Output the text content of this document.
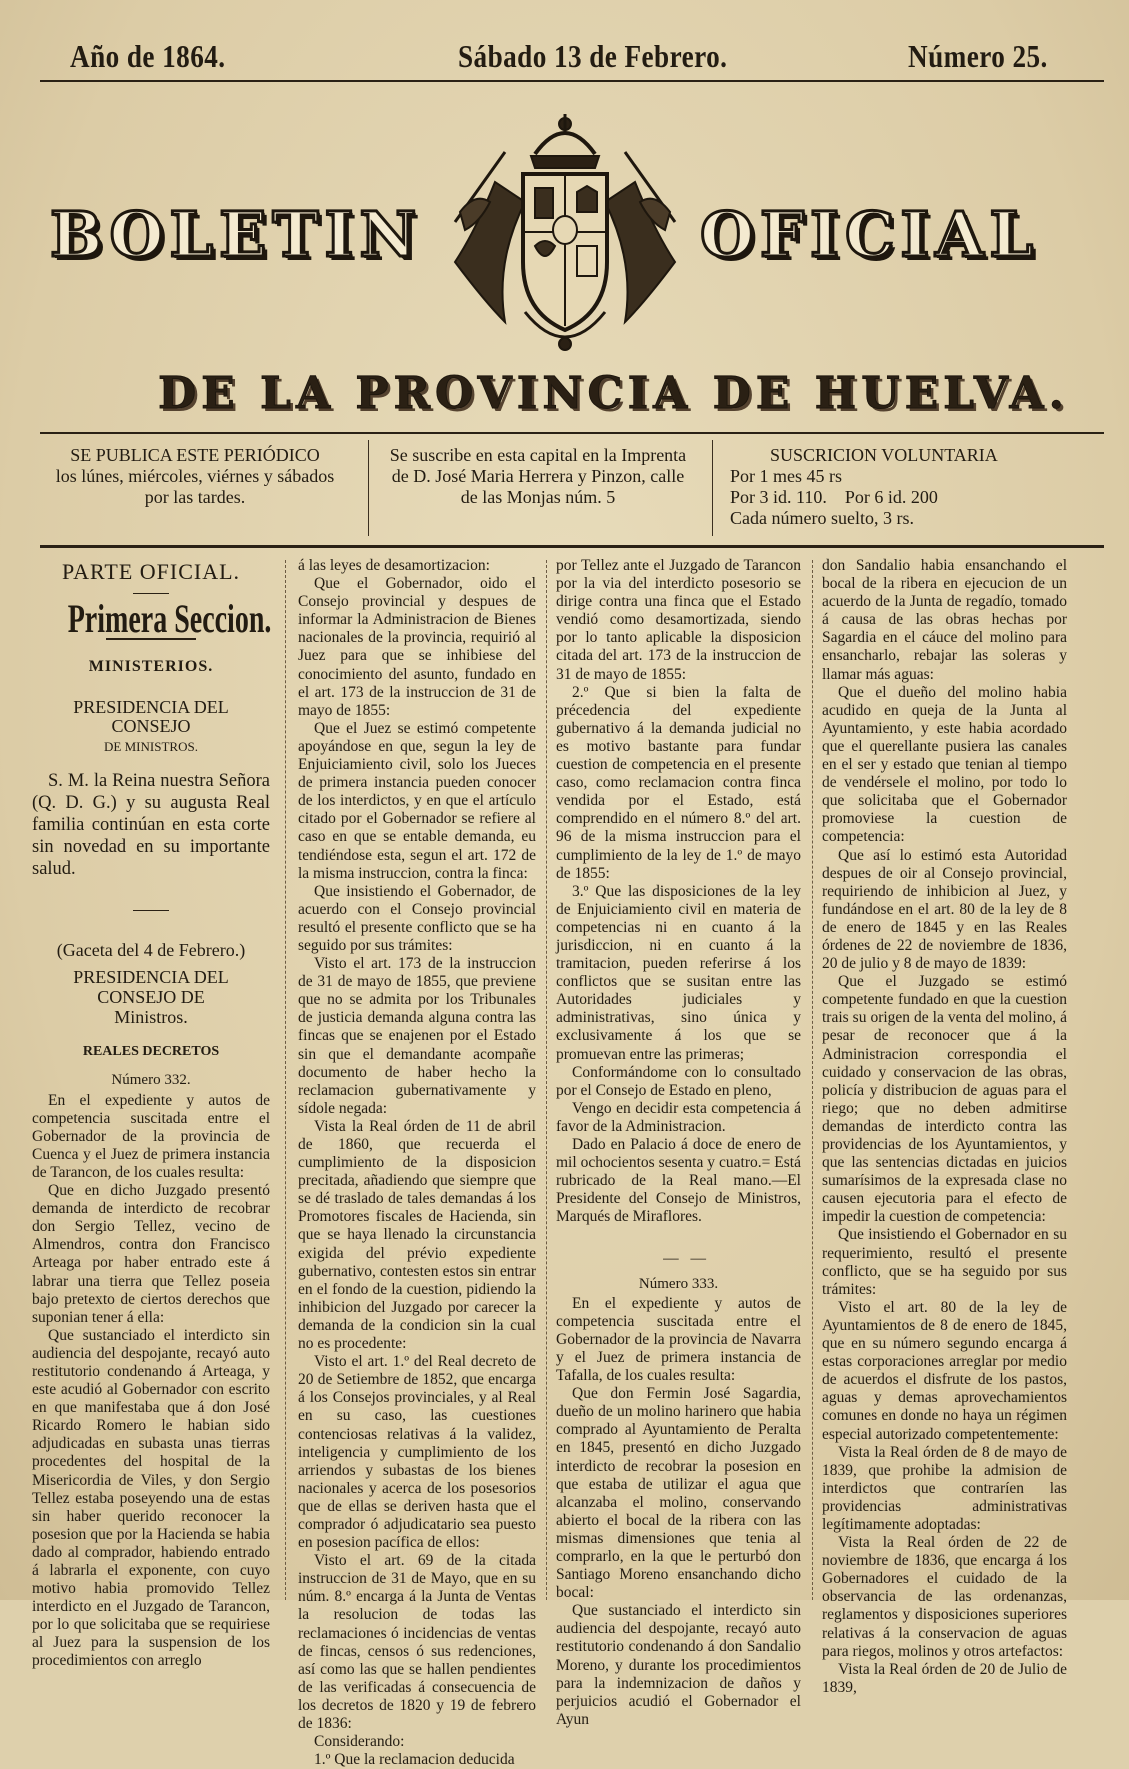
Año de 1864.	Sábado 13 de Febrero.	Número 25.
BOLETIN	OFICIAL
DE LA PROVINCIA DE HUELVA.
SE PUBLICA ESTE PERIÓDICO
los lúnes, miércoles, viérnes y sábados
por las tardes.
Se suscribe en esta capital en la Imprenta
de D. José Maria Herrera y Pinzon, calle
de las Monjas núm. 5
SUSCRICION VOLUNTARIA
Por 1 mes 45 rs
Por 3 id. 110.    Por 6 id. 200
Cada número suelto, 3 rs.

PARTE OFICIAL.

Primera Seccion.

MINISTERIOS.

PRESIDENCIA DEL CONSEJO
DE MINISTROS.

S. M. la Reina nuestra Señora (Q. D. G.) y su augusta Real familia continúan en esta corte sin novedad en su importante salud.

(Gaceta del 4 de Febrero.)

PRESIDENCIA DEL CONSEJO DE
Ministros.

REALES DECRETOS

Número 332.

En el expediente y autos de competencia suscitada entre el Gobernador de la provincia de Cuenca y el Juez de primera instancia de Tarancon, de los cuales resulta:

Que en dicho Juzgado presentó demanda de interdicto de recobrar don Sergio Tellez, vecino de Almendros, contra don Francisco Arteaga por haber entrado este á labrar una tierra que Tellez poseia bajo pretexto de ciertos derechos que suponian tener á ella:

Que sustanciado el interdicto sin audiencia del despojante, recayó auto restitutorio condenando á Arteaga, y este acudió al Gobernador con escrito en que manifestaba que á don José Ricardo Romero le habian sido adjudicadas en subasta unas tierras procedentes del hospital de la Misericordia de Viles, y don Sergio Tellez estaba poseyendo una de estas sin haber querido reconocer la posesion que por la Hacienda se habia dado al comprador, habiendo entrado á labrarla el exponente, con cuyo motivo habia promovido Tellez interdicto en el Juzgado de Tarancon, por lo que solicitaba que se requiriese al Juez para la suspension de los procedimientos con arreglo

á las leyes de desamortizacion:

Que el Gobernador, oido el Consejo provincial y despues de informar la Administracion de Bienes nacionales de la provincia, requirió al Juez para que se inhibiese del conocimiento del asunto, fundado en el art. 173 de la instruccion de 31 de mayo de 1855:

Que el Juez se estimó competente apoyándose en que, segun la ley de Enjuiciamiento civil, solo los Jueces de primera instancia pueden conocer de los interdictos, y en que el artículo citado por el Gobernador se refiere al caso en que se entable demanda, eu tendiéndose esta, segun el art. 172 de la misma instruccion, contra la finca:

Que insistiendo el Gobernador, de acuerdo con el Consejo provincial resultó el presente conflicto que se ha seguido por sus trámites:

Visto el art. 173 de la instruccion de 31 de mayo de 1855, que previene que no se admita por los Tribunales de justicia demanda alguna contra las fincas que se enajenen por el Estado sin que el demandante acompañe documento de haber hecho la reclamacion gubernativamente y sídole negada:

Vista la Real órden de 11 de abril de 1860, que recuerda el cumplimiento de la disposicion precitada, añadiendo que siempre que se dé traslado de tales demandas á los Promotores fiscales de Hacienda, sin que se haya llenado la circunstancia exigida del prévio expediente gubernativo, contesten estos sin entrar en el fondo de la cuestion, pidiendo la inhibicion del Juzgado por carecer la demanda de la condicion sin la cual no es procedente:

Visto el art. 1.º del Real decreto de 20 de Setiembre de 1852, que encarga á los Consejos provinciales, y al Real en su caso, las cuestiones contenciosas relativas á la validez, inteligencia y cumplimiento de los arriendos y subastas de los bienes nacionales y acerca de los posesorios que de ellas se deriven hasta que el comprador ó adjudicatario sea puesto en posesion pacífica de ellos:

Visto el art. 69 de la citada instruccion de 31 de Mayo, que en su núm. 8.º encarga á la Junta de Ventas la resolucion de todas las reclamaciones ó incidencias de ventas de fincas, censos ó sus redenciones, así como las que se hallen pendientes de las verificadas á consecuencia de los decretos de 1820 y 19 de febrero de 1836:

Considerando:

1.º Que la reclamacion deducida

por Tellez ante el Juzgado de Tarancon por la via del interdicto posesorio se dirige contra una finca que el Estado vendió como desamortizada, siendo por lo tanto aplicable la disposicion citada del art. 173 de la instruccion de 31 de mayo de 1855:

2.º Que si bien la falta de précedencia del expediente gubernativo á la demanda judicial no es motivo bastante para fundar cuestion de competencia en el presente caso, como reclamacion contra finca vendida por el Estado, está comprendido en el número 8.º del art. 96 de la misma instruccion para el cumplimiento de la ley de 1.º de mayo de 1855:

3.º Que las disposiciones de la ley de Enjuiciamiento civil en materia de competencias ni en cuanto á la jurisdiccion, ni en cuanto á la tramitacion, pueden referirse á los conflictos que se susitan entre las Autoridades judiciales y administrativas, sino única y exclusivamente á los que se promuevan entre las primeras;

Conformándome con lo consultado por el Consejo de Estado en pleno,

Vengo en decidir esta competencia á favor de la Administracion.

Dado en Palacio á doce de enero de mil ochocientos sesenta y cuatro.= Está rubricado de la Real mano.—El Presidente del Consejo de Ministros, Marqués de Miraflores.

— —

Número 333.

En el expediente y autos de competencia suscitada entre el Gobernador de la provincia de Navarra y el Juez de primera instancia de Tafalla, de los cuales resulta:

Que don Fermin José Sagardia, dueño de un molino harinero que habia comprado al Ayuntamiento de Peralta en 1845, presentó en dicho Juzgado interdicto de recobrar la posesion en que estaba de utilizar el agua que alcanzaba el molino, conservando abierto el bocal de la ribera con las mismas dimensiones que tenia al comprarlo, en la que le perturbó don Santiago Moreno ensanchando dicho bocal:

Que sustanciado el interdicto sin audiencia del despojante, recayó auto restitutorio condenando á don Sandalio Moreno, y durante los procedimientos para la indemnizacion de daños y perjuicios acudió el Gobernador el Ayun

don Sandalio habia ensanchando el bocal de la ribera en ejecucion de un acuerdo de la Junta de regadío, tomado á causa de las obras hechas por Sagardia en el cáuce del molino para ensancharlo, rebajar las soleras y llamar más aguas:

Que el dueño del molino habia acudido en queja de la Junta al Ayuntamiento, y este habia acordado que el querellante pusiera las canales en el ser y estado que tenian al tiempo de vendérsele el molino, por todo lo que solicitaba que el Gobernador promoviese la cuestion de competencia:

Que así lo estimó esta Autoridad despues de oir al Consejo provincial, requiriendo de inhibicion al Juez, y fundándose en el art. 80 de la ley de 8 de enero de 1845 y en las Reales órdenes de 22 de noviembre de 1836, 20 de julio y 8 de mayo de 1839:

Que el Juzgado se estimó competente fundado en que la cuestion trais su origen de la venta del molino, á pesar de reconocer que á la Administracion correspondia el cuidado y conservacion de las obras, policía y distribucion de aguas para el riego; que no deben admitirse demandas de interdicto contra las providencias de los Ayuntamientos, y que las sentencias dictadas en juicios sumarísimos de la expresada clase no causen ejecutoria para el efecto de impedir la cuestion de competencia:

Que insistiendo el Gobernador en su requerimiento, resultó el presente conflicto, que se ha seguido por sus trámites:

Visto el art. 80 de la ley de Ayuntamientos de 8 de enero de 1845, que en su número segundo encarga á estas corporaciones arreglar por medio de acuerdos el disfrute de los pastos, aguas y demas aprovechamientos comunes en donde no haya un régimen especial autorizado competentemente:

Vista la Real órden de 8 de mayo de 1839, que prohibe la admision de interdictos que contraríen las providencias administrativas legítimamente adoptadas:

Vista la Real órden de 22 de noviembre de 1836, que encarga á los Gobernadores el cuidado de la observancia de las ordenanzas, reglamentos y disposiciones superiores relativas á la conservacion de aguas para riegos, molinos y otros artefactos:

Vista la Real órden de 20 de Julio de 1839,
